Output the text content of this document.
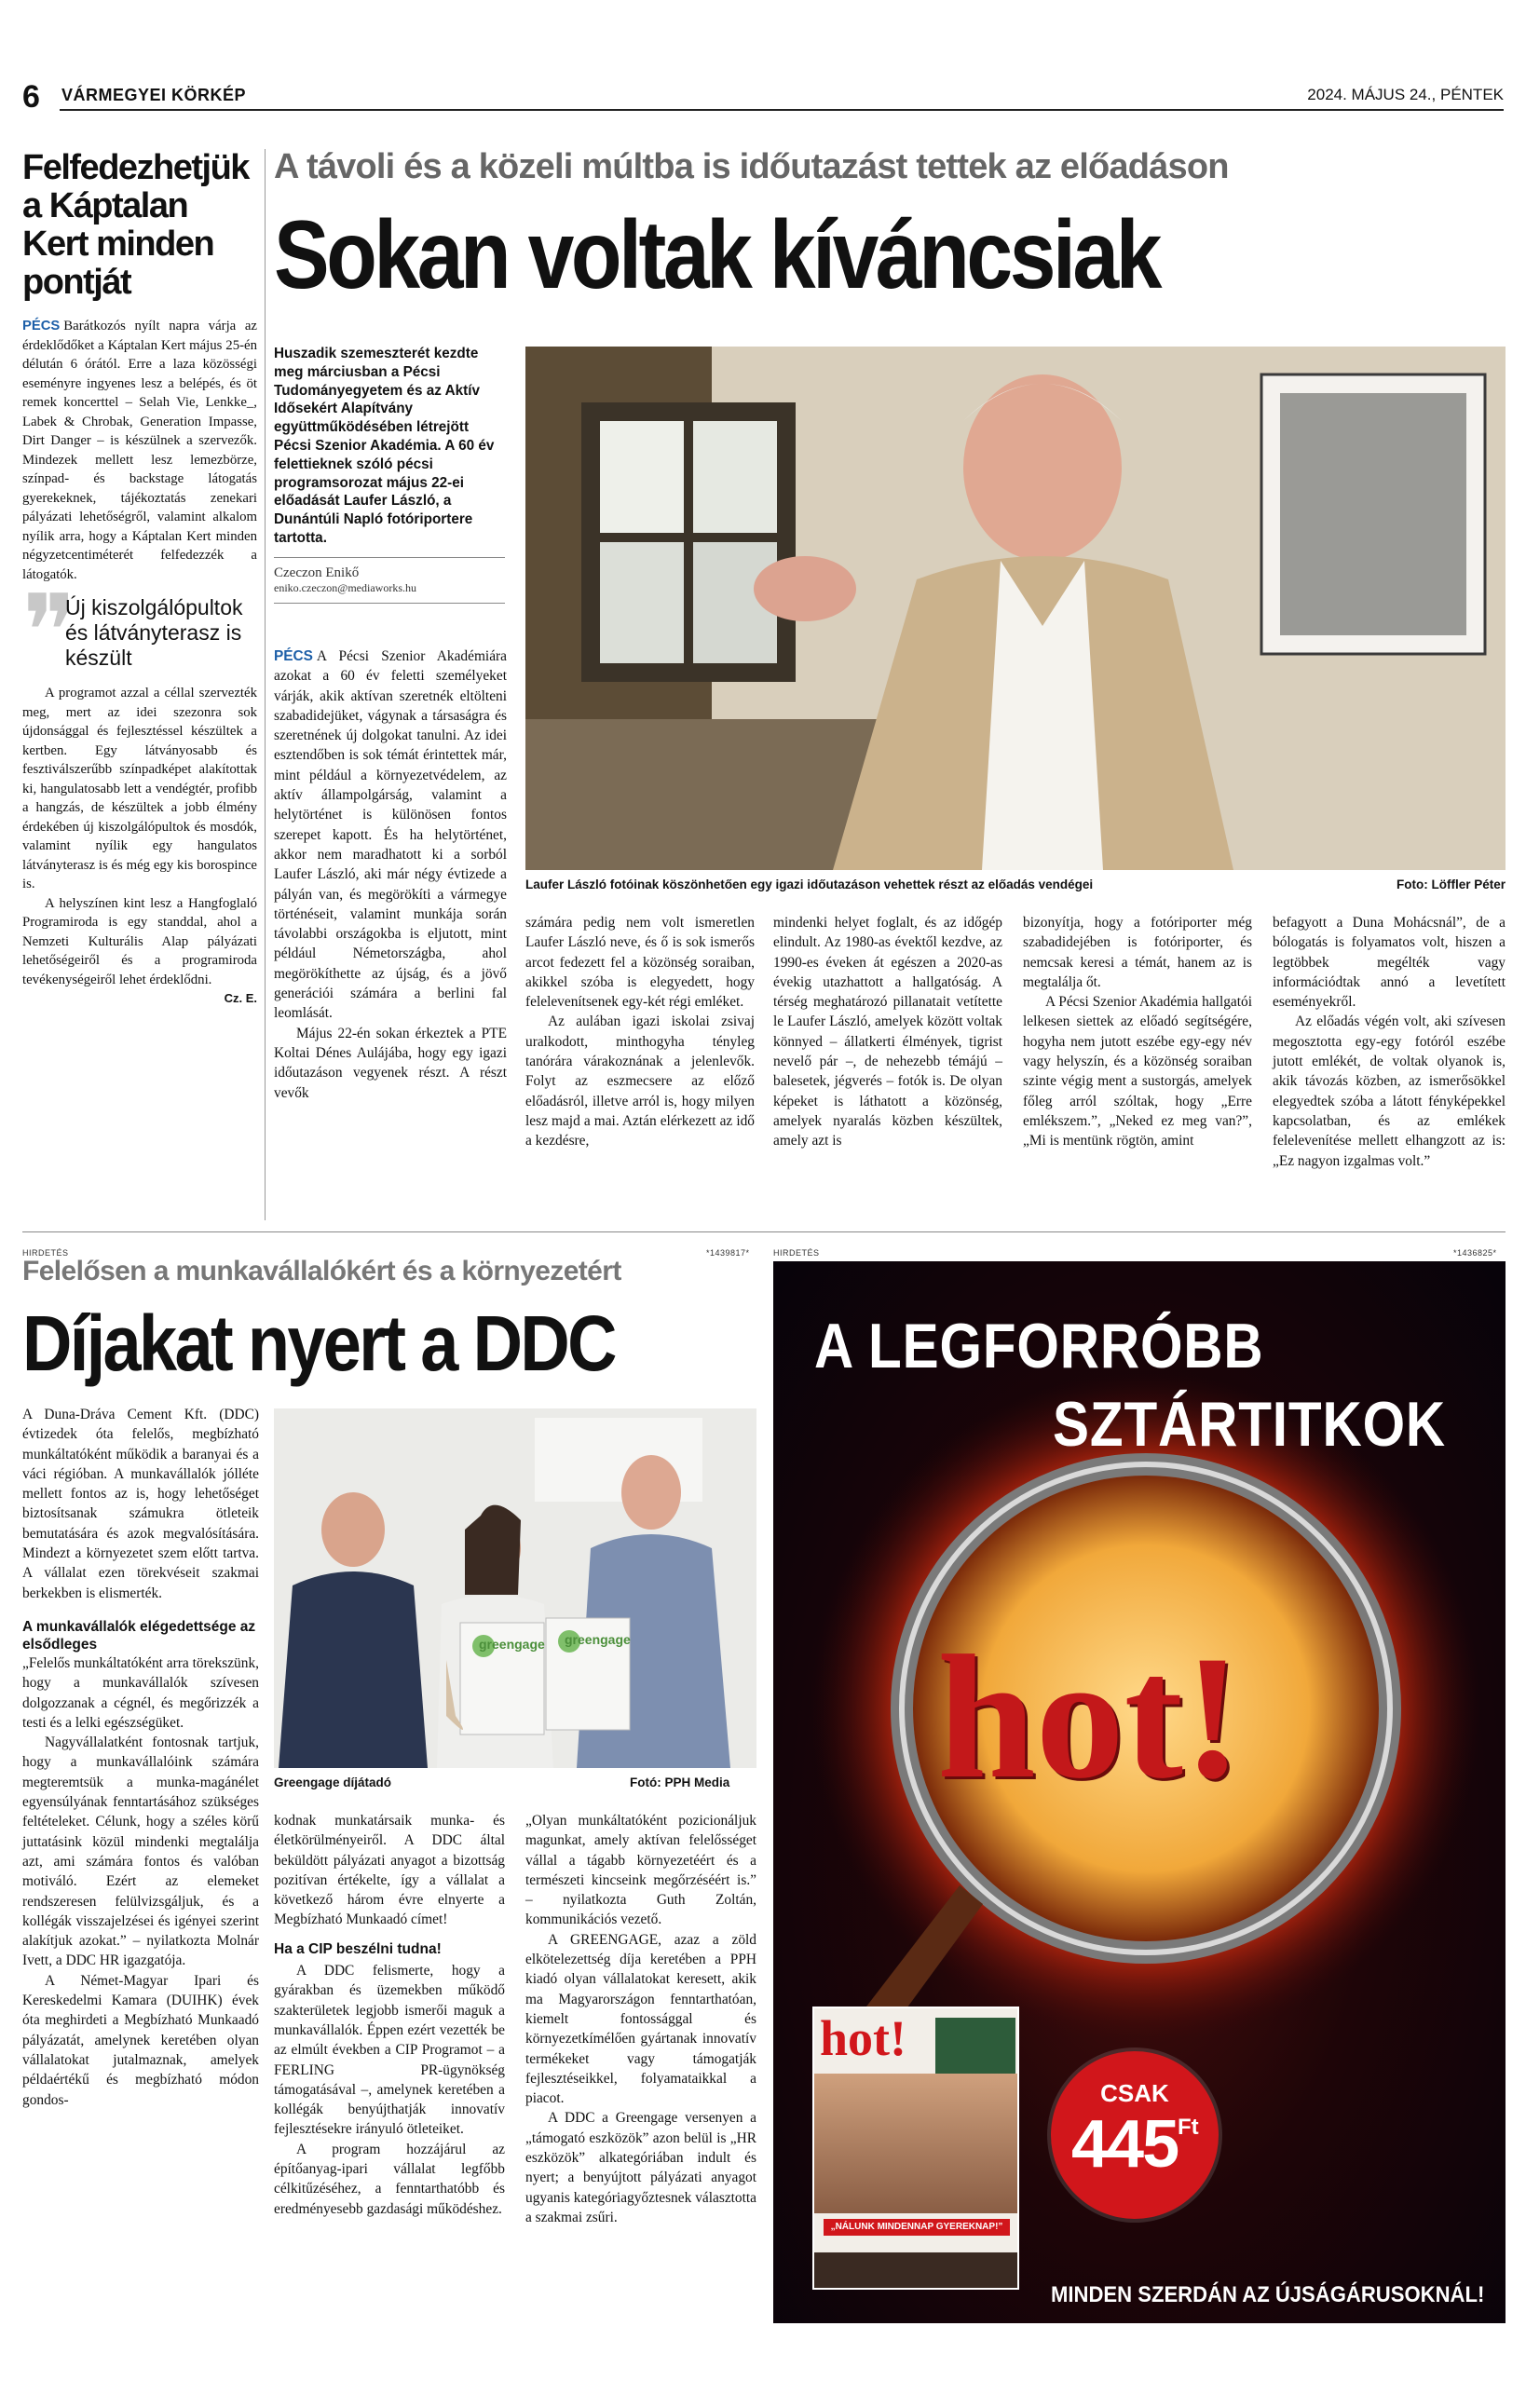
6 VÁRMEGYEI KÖRKÉP	2024. MÁJUS 24., PÉNTEK
Felfedezhetjük a Káptalan Kert minden pontját

PÉCS Barátkozós nyílt napra várja az érdeklődőket a Káptalan Kert május 25-én délután 6 órától. Erre a laza közösségi eseményre ingyenes lesz a belépés, és öt remek koncerttel – Selah Vie, Lenkke_, Labek & Chrobak, Generation Impasse, Dirt Danger – is készülnek a szervezők. Mindezek mellett lesz lemezbörze, színpad- és backstage látogatás gyerekeknek, tájékoztatás zenekari pályázati lehetőségről, valamint alkalom nyílik arra, hogy a Káptalan Kert minden négyzetcentiméterét felfedezzék a látogatók.

❞
Új kiszolgálópultok és látványterasz is készült

A programot azzal a céllal szervezték meg, mert az idei szezonra sok újdonsággal és fejlesztéssel készültek a kertben. Egy látványosabb és fesztiválszerűbb színpadképet alakítottak ki, hangulatosabb lett a vendégtér, profibb a hangzás, de készültek a jobb élmény érdekében új kiszolgálópultok és mosdók, valamint nyílik egy hangulatos látványterasz is és még egy kis borospince is.

A helyszínen kint lesz a Hangfoglaló Programiroda is egy standdal, ahol a Nemzeti Kulturális Alap pályázati lehetőségeiről és a programiroda tevékenységeiről lehet érdeklődni.

Cz. E.

A távoli és a közeli múltba is időutazást tettek az előadáson
Sokan voltak kíváncsiak
Huszadik szemeszterét kezdte meg márciusban a Pécsi Tudományegyetem és az Aktív Idősekért Alapítvány együttműködésében létrejött Pécsi Szenior Akadémia. A 60 év felettieknek szóló pécsi programsorozat május 22-ei előadását Laufer László, a Dunántúli Napló fotóriportere tartotta.
Czeczon Enikő
eniko.czeczon@mediaworks.hu

PÉCS A Pécsi Szenior Akadémiára azokat a 60 év feletti személyeket várják, akik aktívan szeretnék eltölteni szabadidejüket, vágynak a társaságra és szeretnének új dolgokat tanulni. Az idei esztendőben is sok témát érintettek már, mint például a környezetvédelem, az aktív állampolgárság, valamint a helytörténet is különösen fontos szerepet kapott. És ha helytörténet, akkor nem maradhatott ki a sorból Laufer László, aki már négy évtizede a pályán van, és megörökíti a vármegye történéseit, valamint munkája során távolabbi országokba is eljutott, mint például Németországba, ahol megörökíthette az újság, és a jövő generációi számára a berlini fal leomlását.

Május 22-én sokan érkeztek a PTE Koltai Dénes Aulájába, hogy egy igazi időutazáson vegyenek részt. A részt vevők

Laufer László fotóinak köszönhetően egy igazi időutazáson vehettek részt az előadás vendégei	Foto: Löffler Péter

számára pedig nem volt ismeretlen Laufer László neve, és ő is sok ismerős arcot fedezett fel a közönség soraiban, akikkel szóba is elegyedett, hogy felelevenítsenek egy-két régi emléket.

Az aulában igazi iskolai zsivaj uralkodott, minthogyha tényleg tanórára várakoznának a jelenlevők. Folyt az eszmecsere az előző előadásról, illetve arról is, hogy milyen lesz majd a mai. Aztán elérkezett az idő a kezdésre,

mindenki helyet foglalt, és az időgép elindult. Az 1980-as évektől kezdve, az 1990-es éveken át egészen a 2020-as évekig utazhattott a hallgatóság. A térség meghatározó pillanatait vetítette le Laufer László, amelyek között voltak könnyed – állatkerti élmények, tigrist nevelő pár –, de nehezebb témájú – balesetek, jégverés – fotók is. De olyan képeket is láthatott a közönség, amelyek nyaralás közben készültek, amely azt is

bizonyítja, hogy a fotóriporter még szabadidejében is fotóriporter, és nemcsak keresi a témát, hanem az is megtalálja őt.

A Pécsi Szenior Akadémia hallgatói lelkesen siettek az előadó segítségére, hogyha nem jutott eszébe egy-egy név vagy helyszín, és a közönség soraiban szinte végig ment a sustorgás, amelyek főleg arról szóltak, hogy „Erre emlékszem.”, „Neked ez meg van?”, „Mi is mentünk rögtön, amint

befagyott a Duna Mohácsnál”, de a bólogatás is folyamatos volt, hiszen a legtöbbek megélték vagy információdtak annó a levetített eseményekről.

Az előadás végén volt, aki szívesen megosztotta egy-egy fotóról eszébe jutott emlékét, de voltak olyanok is, akik távozás közben, az ismerősökkel elegyedtek szóba a látott fényképekkel kapcsolatban, és az emlékek felelevenítése mellett elhangzott az is: „Ez nagyon izgalmas volt.”

HIRDETÉS	*1439817*
Felelősen a munkavállalókért és a környezetért
Díjakat nyert a DDC

A Duna-Dráva Cement Kft. (DDC) évtizedek óta felelős, megbízható munkáltatóként működik a baranyai és a váci régióban. A munkavállalók jólléte mellett fontos az is, hogy lehetőséget biztosítsanak számukra ötleteik bemutatására és azok megvalósítására. Mindezt a környezetet szem előtt tartva. A vállalat ezen törekvéseit szakmai berkekben is elismerték.

A munkavállalók elégedettsége az elsődleges

„Felelős munkáltatóként arra törekszünk, hogy a munkavállalók szívesen dolgozzanak a cégnél, és megőrizzék a testi és a lelki egészségüket.

Nagyvállalatként fontosnak tartjuk, hogy a munkavállalóink számára megteremtsük a munka-magánélet egyensúlyának fenntartásához szükséges feltételeket. Célunk, hogy a széles körű juttatásink közül mindenki megtalálja azt, ami számára fontos és valóban motiváló. Ezért az elemeket rendszeresen felülvizsgáljuk, és a kollégák visszajelzései és igényei szerint alakítjuk azokat.” – nyilatkozta Molnár Ivett, a DDC HR igazgatója.

A Német-Magyar Ipari és Kereskedelmi Kamara (DUIHK) évek óta meghirdeti a Megbízható Munkaadó pályázatát, amelynek keretében olyan vállalatokat jutalmaznak, amelyek példaértékű és megbízható módon gondos-

greengage greengage
Greengage díjátadó	Fotó: PPH Media

kodnak munkatársaik munka- és életkörülményeiről. A DDC által beküldött pályázati anyagot a bizottság pozitívan értékelte, így a vállalat a következő három évre elnyerte a Megbízható Munkaadó címet!

Ha a CIP beszélni tudna!

A DDC felismerte, hogy a gyárakban és üzemekben működő szakterületek legjobb ismerői maguk a munkavállalók. Éppen ezért vezették be az elmúlt években a CIP Programot – a FERLING PR-ügynökség támogatásával –, amelynek keretében a kollégák benyújthatják innovatív fejlesztésekre irányuló ötleteiket.

A program hozzájárul az építőanyag-ipari vállalat legfőbb célkitűzéséhez, a fenntarthatóbb és eredményesebb gazdasági működéshez.

„Olyan munkáltatóként pozicionáljuk magunkat, amely aktívan felelősséget vállal a tágabb környezetéért és a természeti kincseink megőrzéséért is.” – nyilatkozta Guth Zoltán, kommunikációs vezető.

A GREENGAGE, azaz a zöld elkötelezettség díja keretében a PPH kiadó olyan vállalatokat keresett, akik ma Magyarországon fenntarthatóan, kiemelt fontossággal és környezetkímélően gyártanak innovatív termékeket vagy támogatják fejlesztéseikkel, folyamataikkal a piacot.

A DDC a Greengage versenyen a „támogató eszközök” azon belül is „HR eszközök” alkategóriában indult és nyert; a benyújtott pályázati anyagot ugyanis kategóriagyőztesnek választotta a szakmai zsűri.

HIRDETÉS	*1436825*
A LEGFORRÓBB
SZTÁRTITKOK
hot!
hot!
„NÁLUNK MINDENNAP GYEREKNAP!”
CSAK
445 Ft
MINDEN SZERDÁN AZ ÚJSÁGÁRUSOKNÁL!
